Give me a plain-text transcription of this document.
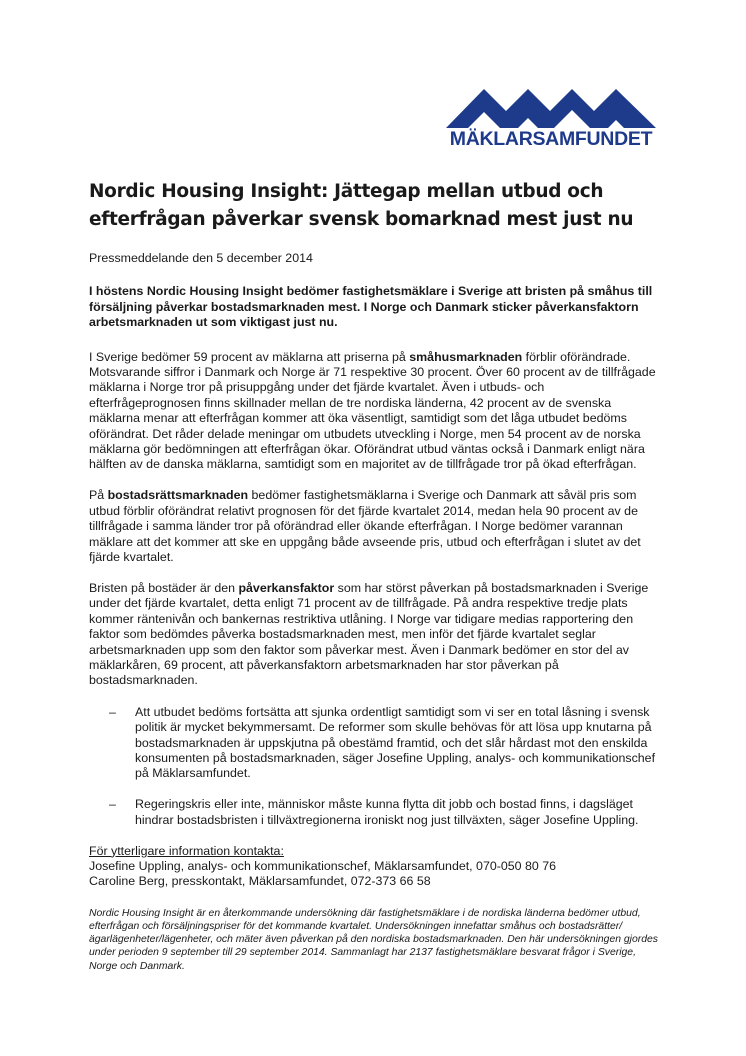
MÄKLARSAMFUNDET
Nordic Housing Insight: Jättegap mellan utbud och efterfrågan påverkar svensk bomarknad mest just nu

Pressmeddelande den 5 december 2014

I höstens Nordic Housing Insight bedömer fastighetsmäklare i Sverige att bristen på småhus till försäljning påverkar bostadsmarknaden mest. I Norge och Danmark sticker påverkansfaktorn arbetsmarknaden ut som viktigast just nu.

I Sverige bedömer 59 procent av mäklarna att priserna på småhusmarknaden förblir oförändrade. Motsvarande siffror i Danmark och Norge är 71 respektive 30 procent. Över 60 procent av de tillfrågade mäklarna i Norge tror på prisuppgång under det fjärde kvartalet. Även i utbuds- och efterfrågeprognosen finns skillnader mellan de tre nordiska länderna, 42 procent av de svenska mäklarna menar att efterfrågan kommer att öka väsentligt, samtidigt som det låga utbudet bedöms oförändrat. Det råder delade meningar om utbudets utveckling i Norge, men 54 procent av de norska mäklarna gör bedömningen att efterfrågan ökar. Oförändrat utbud väntas också i Danmark enligt nära hälften av de danska mäklarna, samtidigt som en majoritet av de tillfrågade tror på ökad efterfrågan.

På bostadsrättsmarknaden bedömer fastighetsmäklarna i Sverige och Danmark att såväl pris som utbud förblir oförändrat relativt prognosen för det fjärde kvartalet 2014, medan hela 90 procent av de tillfrågade i samma länder tror på oförändrad eller ökande efterfrågan. I Norge bedömer varannan mäklare att det kommer att ske en uppgång både avseende pris, utbud och efterfrågan i slutet av det fjärde kvartalet.

Bristen på bostäder är den påverkansfaktor som har störst påverkan på bostadsmarknaden i Sverige under det fjärde kvartalet, detta enligt 71 procent av de tillfrågade. På andra respektive tredje plats kommer räntenivån och bankernas restriktiva utlåning. I Norge var tidigare medias rapportering den faktor som bedömdes påverka bostadsmarknaden mest, men inför det fjärde kvartalet seglar arbetsmarknaden upp som den faktor som påverkar mest. Även i Danmark bedömer en stor del av mäklarkåren, 69 procent, att påverkansfaktorn arbetsmarknaden har stor påverkan på bostadsmarknaden.

– Att utbudet bedöms fortsätta att sjunka ordentligt samtidigt som vi ser en total låsning i svensk politik är mycket bekymmersamt. De reformer som skulle behövas för att lösa upp knutarna på bostadsmarknaden är uppskjutna på obestämd framtid, och det slår hårdast mot den enskilda konsumenten på bostadsmarknaden, säger Josefine Uppling, analys- och kommunikationschef på Mäklarsamfundet.
– Regeringskris eller inte, människor måste kunna flytta dit jobb och bostad finns, i dagsläget hindrar bostadsbristen i tillväxtregionerna ironiskt nog just tillväxten, säger Josefine Uppling.

För ytterligare information kontakta:
Josefine Uppling, analys- och kommunikationschef, Mäklarsamfundet, 070-050 80 76
Caroline Berg, presskontakt, Mäklarsamfundet, 072-373 66 58

Nordic Housing Insight är en återkommande undersökning där fastighetsmäklare i de nordiska länderna bedömer utbud, efterfrågan och försäljningspriser för det kommande kvartalet. Undersökningen innefattar småhus och bostadsrätter/ägarlägenheter/lägenheter, och mäter även påverkan på den nordiska bostadsmarknaden. Den här undersökningen gjordes under perioden 9 september till 29 september 2014. Sammanlagt har 2137 fastighetsmäklare besvarat frågor i Sverige, Norge och Danmark.
